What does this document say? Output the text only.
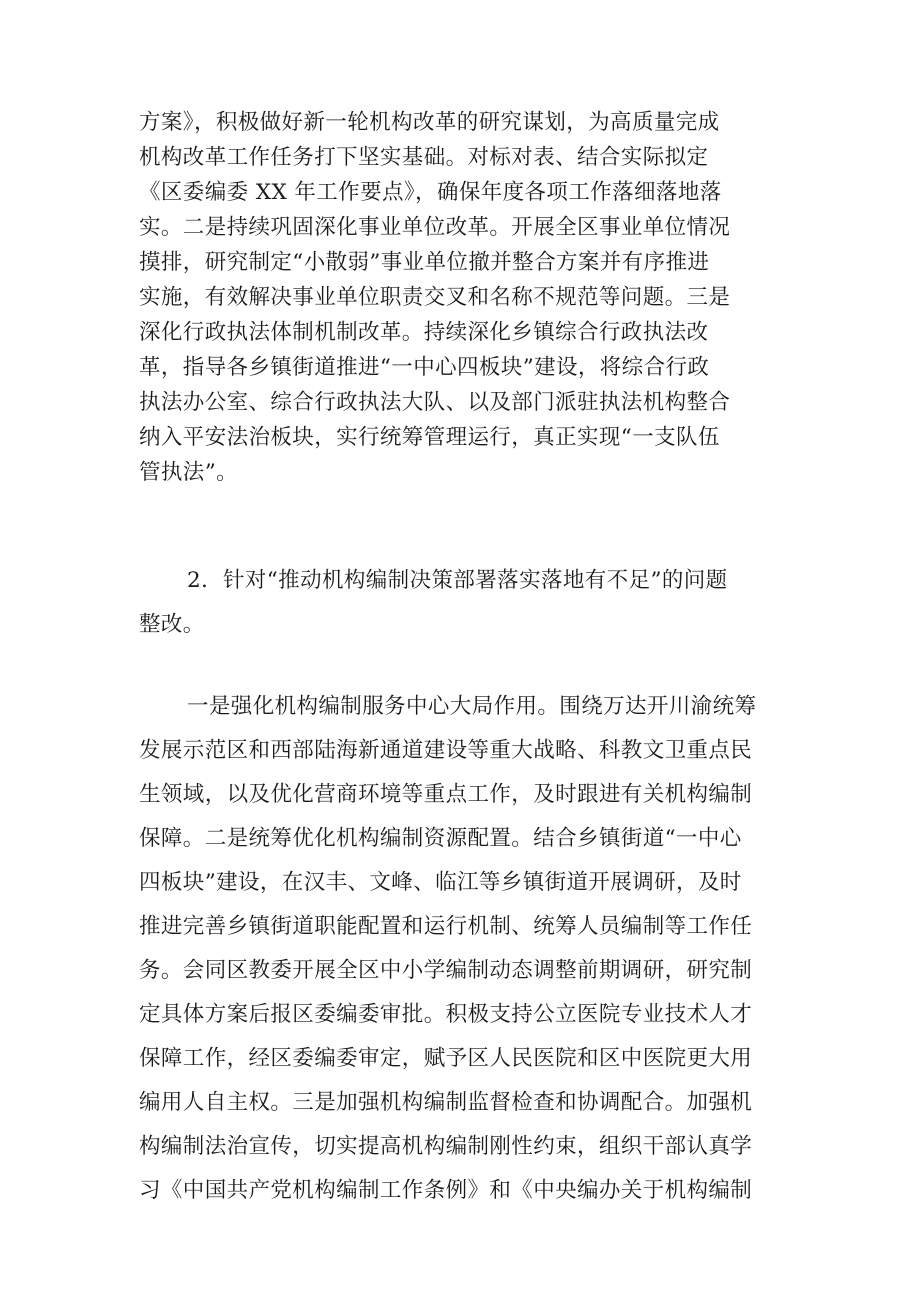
方案》，积极做好新一轮机构改革的研究谋划，为高质量完成

机构改革工作任务打下坚实基础。对标对表、结合实际拟定

《区委编委 XX 年工作要点》，确保年度各项工作落细落地落

实。二是持续巩固深化事业单位改革。开展全区事业单位情况

摸排，研究制定“小散弱”事业单位撤并整合方案并有序推进

实施，有效解决事业单位职责交叉和名称不规范等问题。三是

深化行政执法体制机制改革。持续深化乡镇综合行政执法改

革，指导各乡镇街道推进“一中心四板块”建设，将综合行政

执法办公室、综合行政执法大队、以及部门派驻执法机构整合

纳入平安法治板块，实行统筹管理运行，真正实现“一支队伍

管执法”。

2．针对“推动机构编制决策部署落实落地有不足”的问题

整改。

一是强化机构编制服务中心大局作用。围绕万达开川渝统筹

发展示范区和西部陆海新通道建设等重大战略、科教文卫重点民

生领域，以及优化营商环境等重点工作，及时跟进有关机构编制

保障。二是统筹优化机构编制资源配置。结合乡镇街道“一中心

四板块”建设，在汉丰、文峰、临江等乡镇街道开展调研，及时

推进完善乡镇街道职能配置和运行机制、统筹人员编制等工作任

务。会同区教委开展全区中小学编制动态调整前期调研，研究制

定具体方案后报区委编委审批。积极支持公立医院专业技术人才

保障工作，经区委编委审定，赋予区人民医院和区中医院更大用

编用人自主权。三是加强机构编制监督检查和协调配合。加强机

构编制法治宣传，切实提高机构编制刚性约束，组织干部认真学

习《中国共产党机构编制工作条例》和《中央编办关于机构编制
